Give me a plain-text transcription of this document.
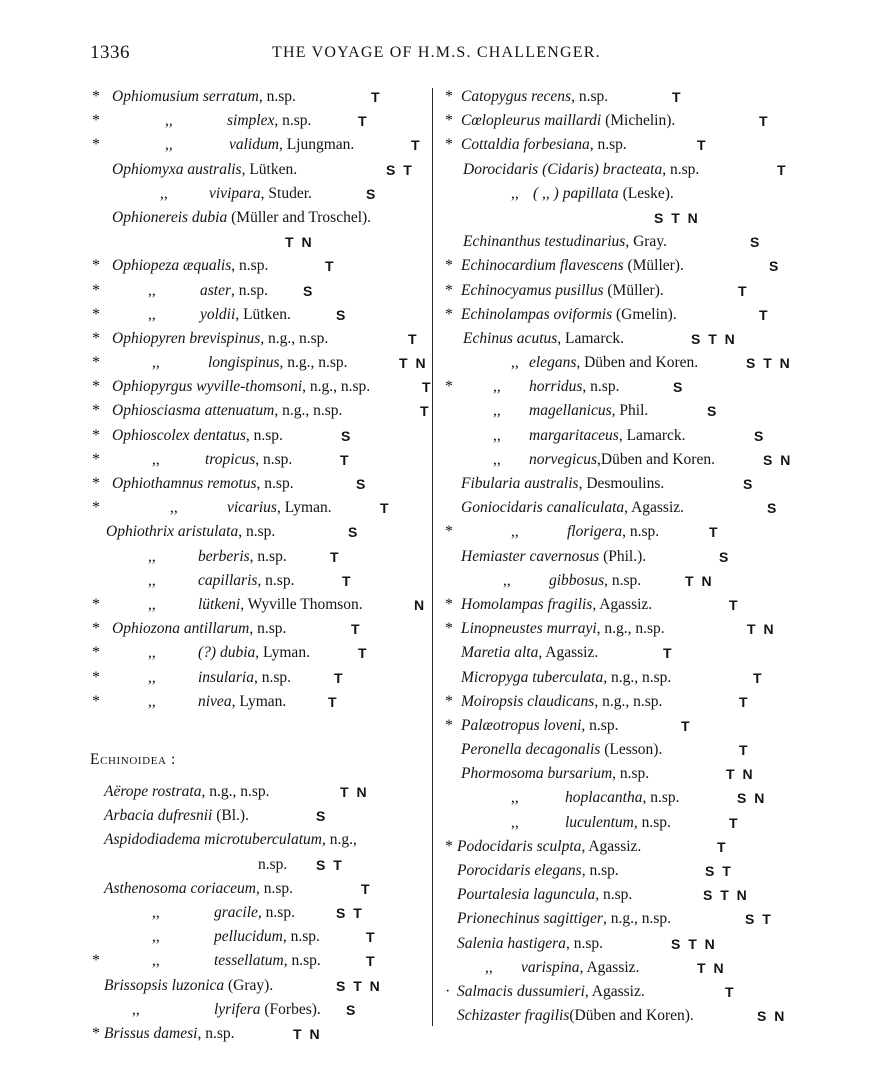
1336	THE VOYAGE OF H.M.S. CHALLENGER.
* Ophiomusium serratum, n.sp.	T
*	,,	simplex, n.sp.	T
*	,,	validum, Ljungman.	T
Ophiomyxa australis, Lütken.	S T
,,	vivipara, Studer.	S
Ophionereis dubia (Müller and Troschel).
T N
* Ophiopeza æqualis, n.sp.	T
*	,,	aster, n.sp. S
*	,,	yoldii, Lütken.	S
* Ophiopyren brevispinus, n.g., n.sp.	T
*	,,	longispinus, n.g., n.sp.	T N
* Ophiopyrgus wyville-thomsoni, n.g., n.sp.	T
* Ophiosciasma attenuatum, n.g., n.sp.	T
* Ophioscolex dentatus, n.sp.	S
*	,,	tropicus, n.sp.	T
* Ophiothamnus remotus, n.sp.	S
*	,,	vicarius, Lyman.	T
Ophiothrix aristulata, n.sp.	S
,,	berberis, n.sp.	T
,,	capillaris, n.sp.	T
*	,,	lütkeni, Wyville Thomson.	N
* Ophiozona antillarum, n.sp.	T
*	,,	(?) dubia, Lyman.	T
*	,,	insularia, n.sp.	T
*	,,	nivea, Lyman.	T
Echinoidea :
Aërope rostrata, n.g., n.sp.	T N
Arbacia dufresnii (Bl.).	S
Aspidodiadema microtuberculatum, n.g.,
n.sp. S T
Asthenosoma coriaceum, n.sp.	T
,,	gracile, n.sp.	S T
,,	pellucidum, n.sp.	T
*	,,	tessellatum, n.sp.	T
Brissopsis luzonica (Gray).	S T N
,,	lyrifera (Forbes). S
* Brissus damesi, n.sp.	T N
* Catopygus recens, n.sp.	T
* Cœlopleurus maillardi (Michelin).	T
* Cottaldia forbesiana, n.sp.	T
Dorocidaris (Cidaris) bracteata, n.sp.	T
,, ( ,, ) papillata (Leske).
S T N
Echinanthus testudinarius, Gray.	S
* Echinocardium flavescens (Müller).	S
* Echinocyamus pusillus (Müller).	T
* Echinolampas oviformis (Gmelin).	T
Echinus acutus, Lamarck.	S T N
,, elegans, Düben and Koren.	S T N
*	,, horridus, n.sp.	S
,, magellanicus, Phil.	S
,, margaritaceus, Lamarck.	S
,, norvegicus,Düben and Koren.	S N
Fibularia australis, Desmoulins.	S
Goniocidaris canaliculata, Agassiz.	S
*	,,	florigera, n.sp.	T
Hemiaster cavernosus (Phil.).	S
,, gibbosus, n.sp.	T N
* Homolampas fragilis, Agassiz.	T
* Linopneustes murrayi, n.g., n.sp.	T N
Maretia alta, Agassiz.	T
Micropyga tuberculata, n.g., n.sp.	T
* Moiropsis claudicans, n.g., n.sp.	T
* Palæotropus loveni, n.sp.	T
Peronella decagonalis (Lesson).	T
Phormosoma bursarium, n.sp.	T N
,,	hoplacantha, n.sp.	S N
,,	luculentum, n.sp.	T
* Podocidaris sculpta, Agassiz.	T
Porocidaris elegans, n.sp.	S T
Pourtalesia laguncula, n.sp.	S T N
Prionechinus sagittiger, n.g., n.sp.	S T
Salenia hastigera, n.sp.	S T N
,, varispina, Agassiz.	T N
· Salmacis dussumieri, Agassiz.	T
Schizaster fragilis(Düben and Koren).	S N
